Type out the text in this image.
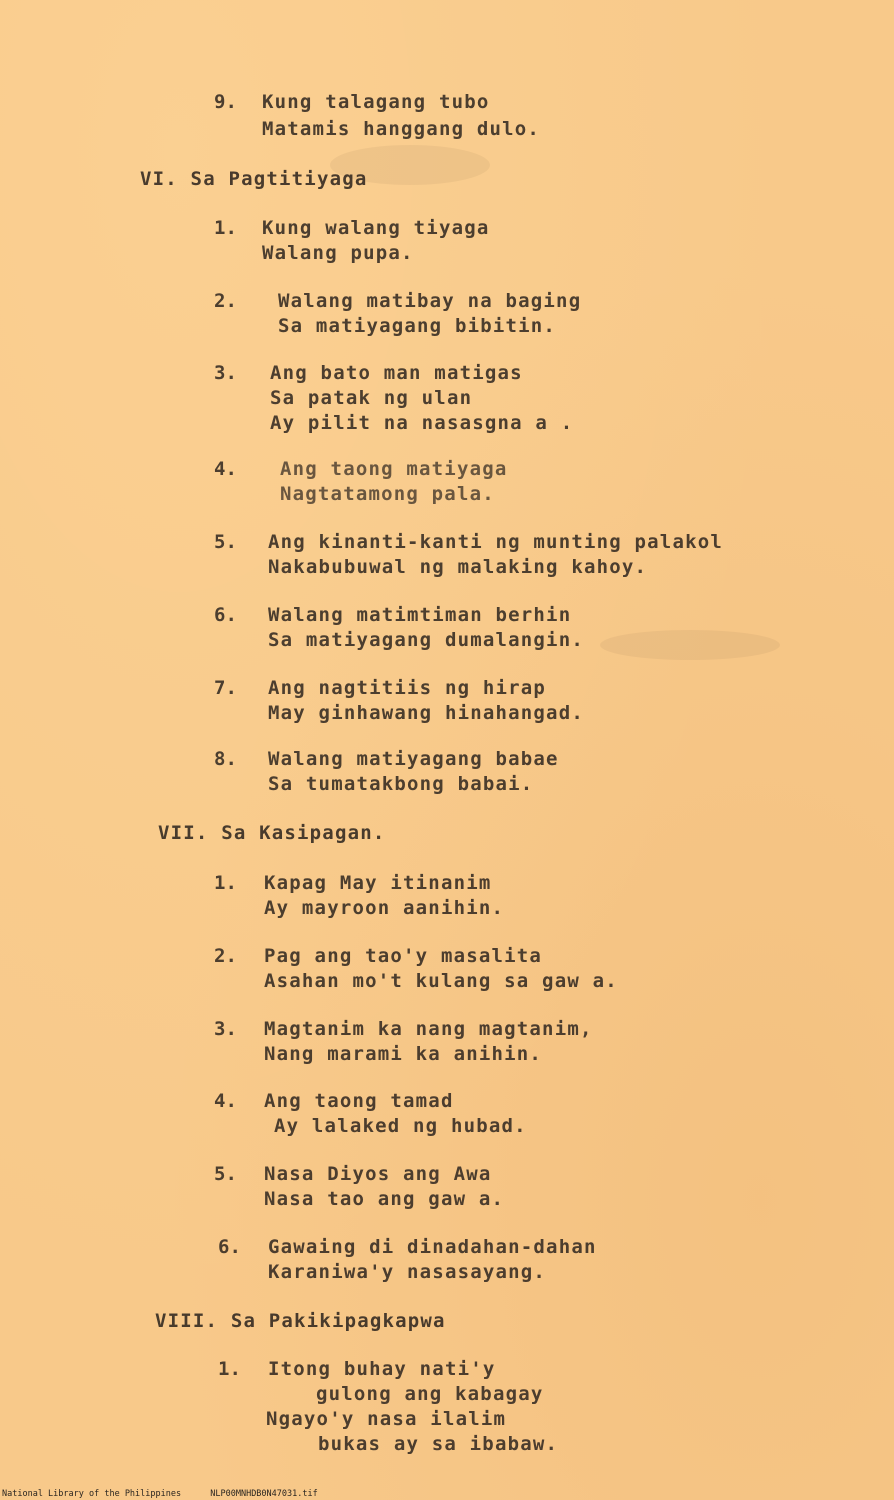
9. Kung talagang tubo
Matamis hanggang dulo.
VI. Sa Pagtitiyaga
1. Kung walang tiyaga
Walang pupa.
2. Walang matibay na baging
Sa matiyagang bibitin.
3. Ang bato man matigas
Sa patak ng ulan
Ay pilit na nasasgna a .
4. Ang taong matiyaga
Nagtatamong pala.
5. Ang kinanti-kanti ng munting palakol
Nakabubuwal ng malaking kahoy.
6. Walang matimtiman berhin
Sa matiyagang dumalangin.
7. Ang nagtitiis ng hirap
May ginhawang hinahangad.
8. Walang matiyagang babae
Sa tumatakbong babai.
VII. Sa Kasipagan.
1. Kapag May itinanim
Ay mayroon aanihin.
2. Pag ang tao'y masalita
Asahan mo't kulang sa gaw a.
3. Magtanim ka nang magtanim,
Nang marami ka anihin.
4. Ang taong tamad
Ay lalaked ng hubad.
5. Nasa Diyos ang Awa
Nasa tao ang gaw a.
6. Gawaing di dinadahan-dahan
Karaniwa'y nasasayang.
VIII. Sa Pakikipagkapwa
1. Itong buhay nati'y
gulong ang kabagay
Ngayo'y nasa ilalim
bukas ay sa ibabaw.
National Library of the Philippines	NLP00MNHDB0N47031.tif
